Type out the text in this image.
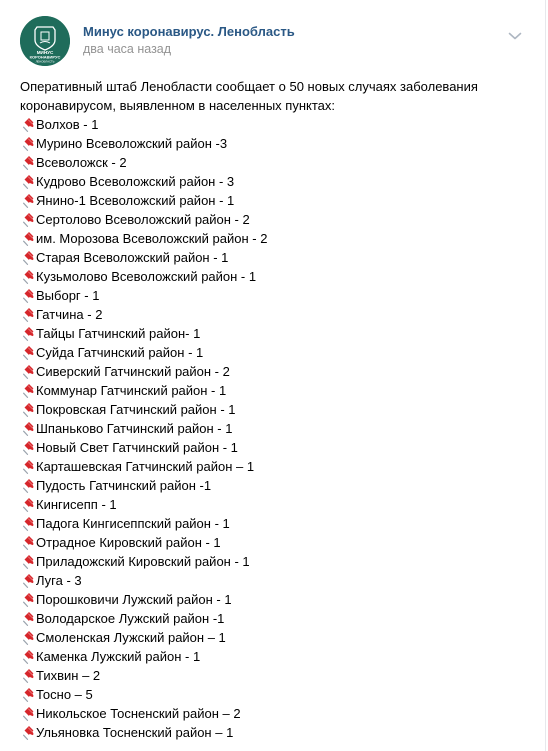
МИНУС
КОРОНАВИРУС
ЛЕНОБЛАСТЬ
Минус коронавирус. Ленобласть
два часа назад

Оперативный штаб Ленобласти сообщает о 50 новых случаях заболевания коронавирусом, выявленном в населенных пунктах:

Волхов - 1
Мурино Всеволожский район -3
Всеволожск - 2
Кудрово Всеволожский район - 3
Янино-1 Всеволожский район - 1
Сертолово Всеволожский район - 2
им. Морозова Всеволожский район - 2
Старая Всеволожский район - 1
Кузьмолово Всеволожский район - 1
Выборг - 1
Гатчина - 2
Тайцы Гатчинский район- 1
Суйда Гатчинский район - 1
Сиверский Гатчинский район - 2
Коммунар Гатчинский район - 1
Покровская Гатчинский район - 1
Шпаньково Гатчинский район - 1
Новый Свет Гатчинский район - 1
Карташевская Гатчинский район – 1
Пудость Гатчинский район -1
Кингисепп - 1
Падога Кингисеппский район - 1
Отрадное Кировский район - 1
Приладожский Кировский район - 1
Луга - 3
Порошковичи Лужский район - 1
Володарское Лужский район -1
Смоленская Лужский район – 1
Каменка Лужский район - 1
Тихвин – 2
Тосно – 5
Никольское Тосненский район – 2
Ульяновка Тосненский район – 1
